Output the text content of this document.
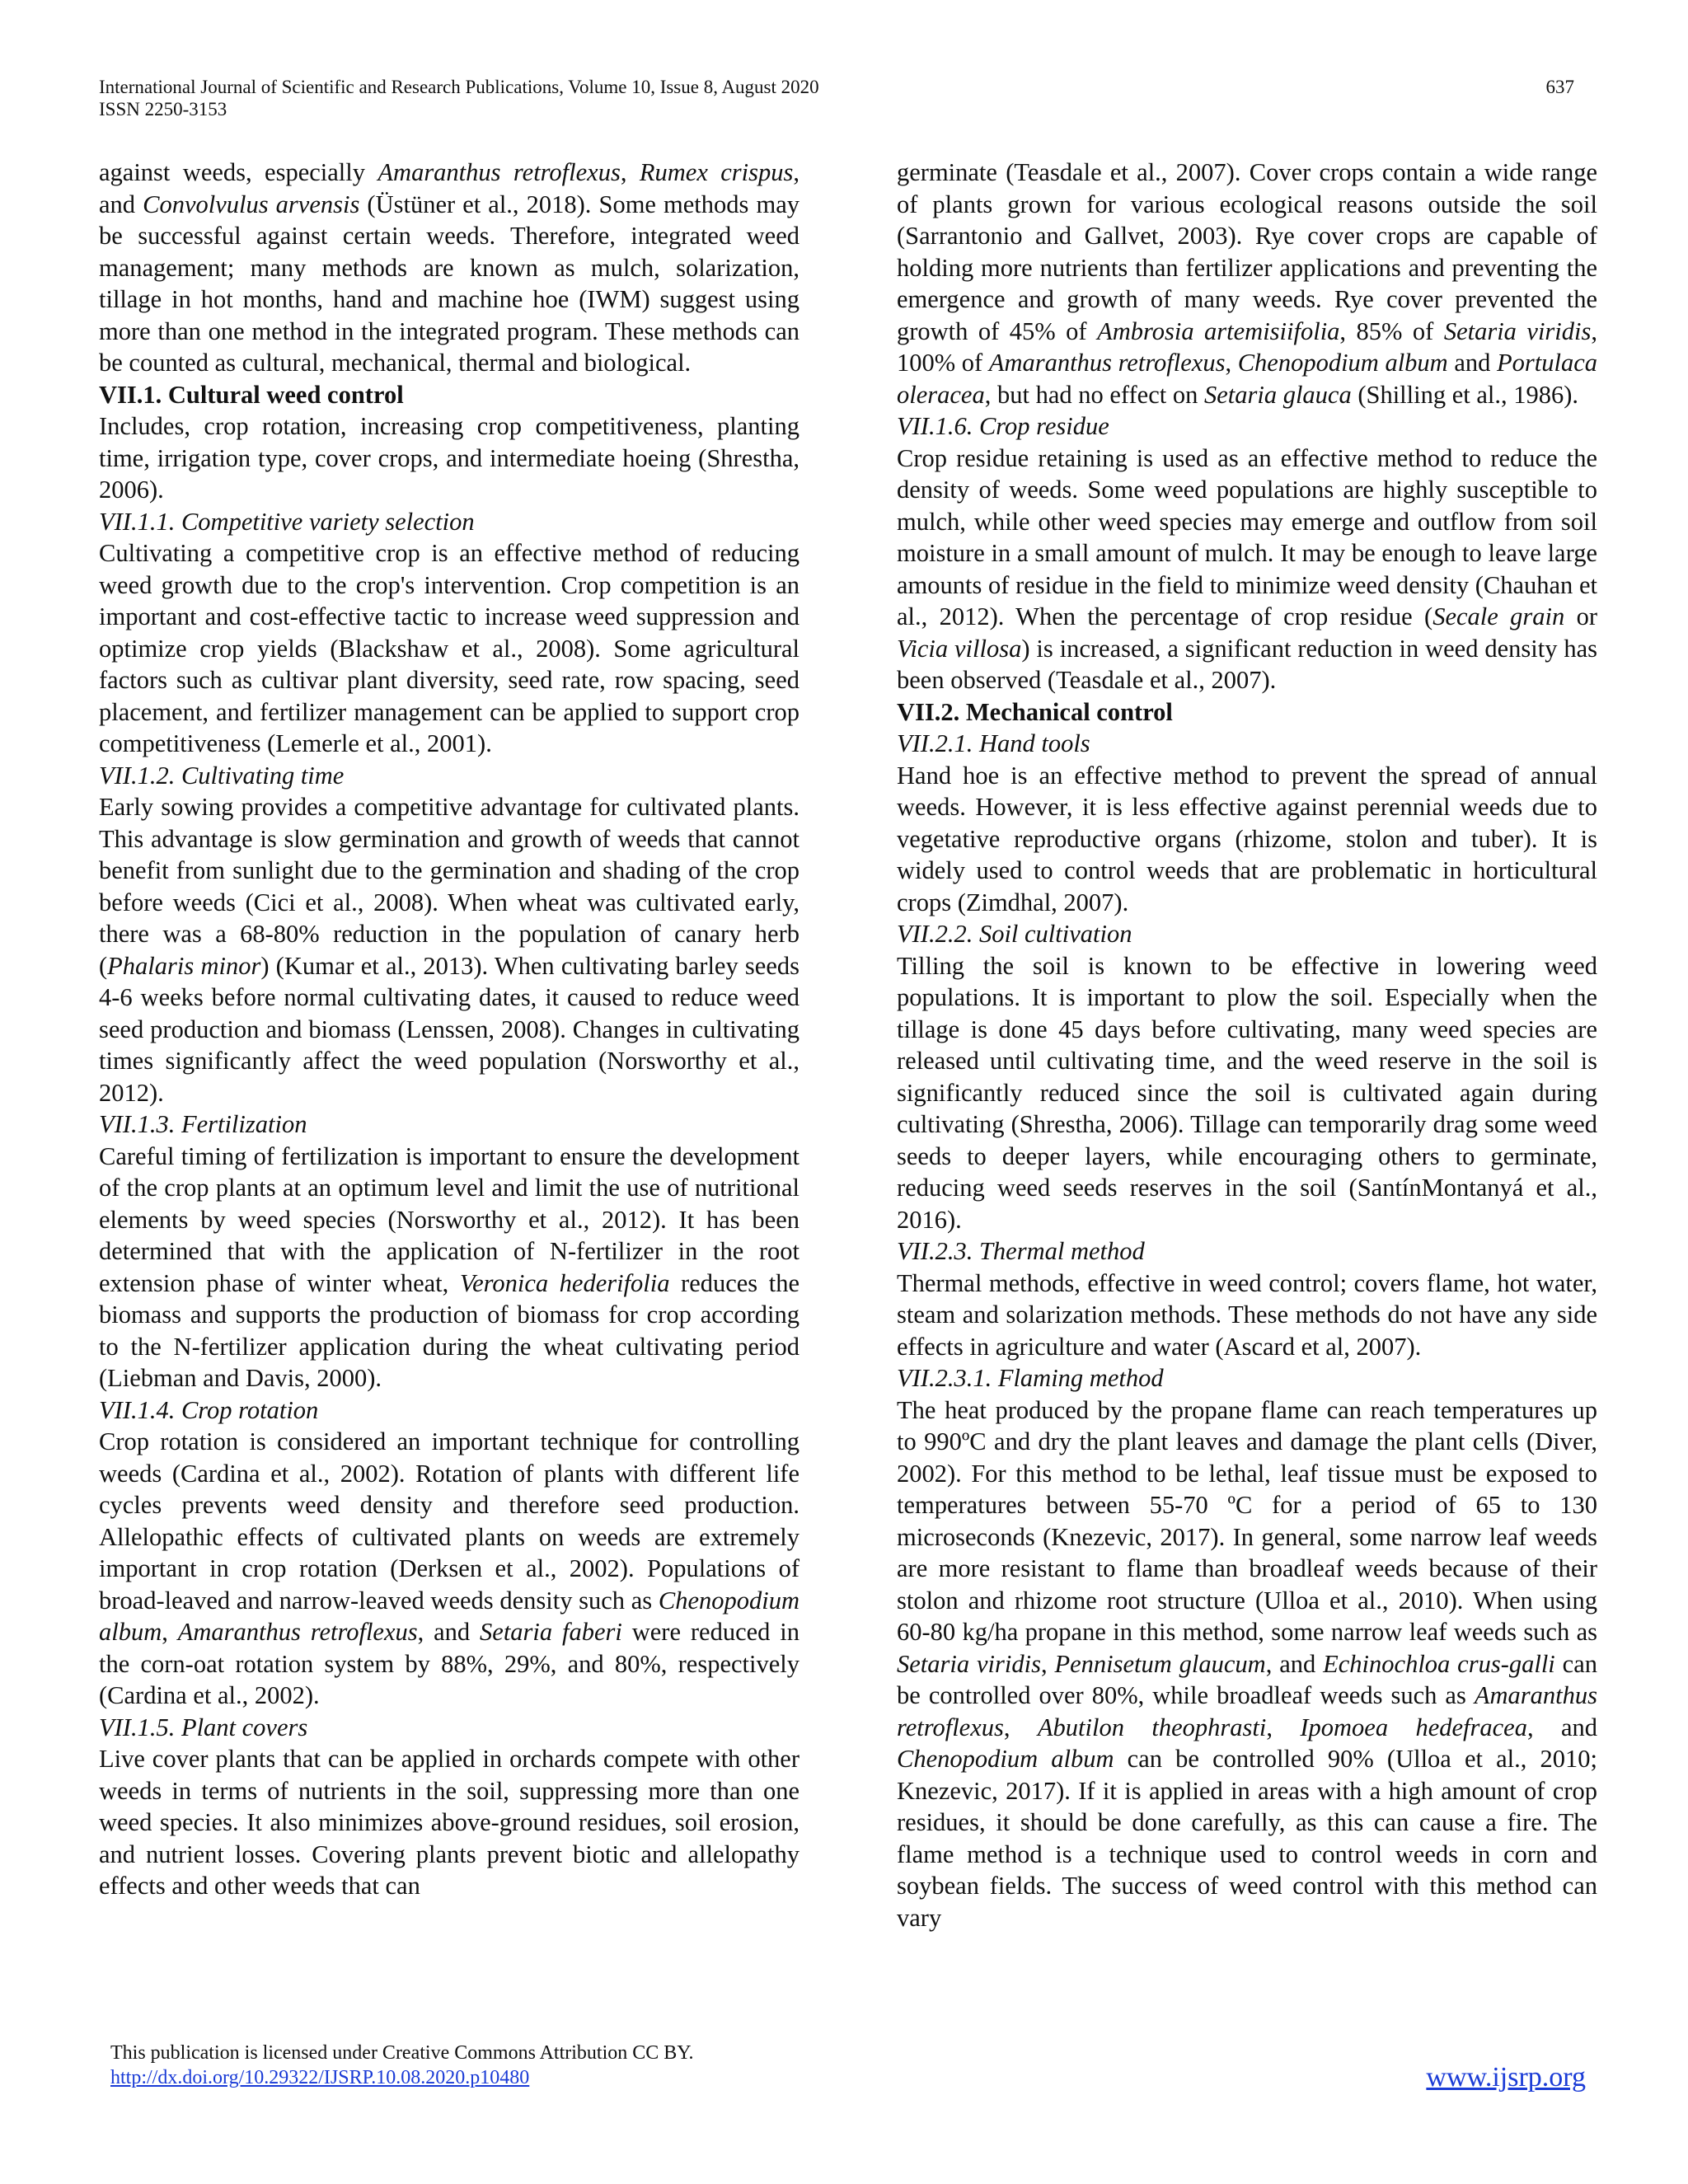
International Journal of Scientific and Research Publications, Volume 10, Issue 8, August 2020
ISSN 2250-3153
637

against weeds, especially Amaranthus retroflexus, Rumex crispus, and Convolvulus arvensis (Üstüner et al., 2018). Some methods may be successful against certain weeds. Therefore, integrated weed management; many methods are known as mulch, solarization, tillage in hot months, hand and machine hoe (IWM) suggest using more than one method in the integrated program. These methods can be counted as cultural, mechanical, thermal and biological.

VII.1. Cultural weed control

Includes, crop rotation, increasing crop competitiveness, planting time, irrigation type, cover crops, and intermediate hoeing (Shrestha, 2006).

VII.1.1. Competitive variety selection

Cultivating a competitive crop is an effective method of reducing weed growth due to the crop's intervention. Crop competition is an important and cost-effective tactic to increase weed suppression and optimize crop yields (Blackshaw et al., 2008). Some agricultural factors such as cultivar plant diversity, seed rate, row spacing, seed placement, and fertilizer management can be applied to support crop competitiveness (Lemerle et al., 2001).

VII.1.2. Cultivating time

Early sowing provides a competitive advantage for cultivated plants. This advantage is slow germination and growth of weeds that cannot benefit from sunlight due to the germination and shading of the crop before weeds (Cici et al., 2008). When wheat was cultivated early, there was a 68-80% reduction in the population of canary herb (Phalaris minor) (Kumar et al., 2013). When cultivating barley seeds 4-6 weeks before normal cultivating dates, it caused to reduce weed seed production and biomass (Lenssen, 2008). Changes in cultivating times significantly affect the weed population (Norsworthy et al., 2012).

VII.1.3. Fertilization

Careful timing of fertilization is important to ensure the development of the crop plants at an optimum level and limit the use of nutritional elements by weed species (Norsworthy et al., 2012). It has been determined that with the application of N-fertilizer in the root extension phase of winter wheat, Veronica hederifolia reduces the biomass and supports the production of biomass for crop according to the N-fertilizer application during the wheat cultivating period (Liebman and Davis, 2000).

VII.1.4. Crop rotation

Crop rotation is considered an important technique for controlling weeds (Cardina et al., 2002). Rotation of plants with different life cycles prevents weed density and therefore seed production. Allelopathic effects of cultivated plants on weeds are extremely important in crop rotation (Derksen et al., 2002). Populations of broad-leaved and narrow-leaved weeds density such as Chenopodium album, Amaranthus retroflexus, and Setaria faberi were reduced in the corn-oat rotation system by 88%, 29%, and 80%, respectively (Cardina et al., 2002).

VII.1.5. Plant covers

Live cover plants that can be applied in orchards compete with other weeds in terms of nutrients in the soil, suppressing more than one weed species. It also minimizes above-ground residues, soil erosion, and nutrient losses. Covering plants prevent biotic and allelopathy effects and other weeds that can

germinate (Teasdale et al., 2007). Cover crops contain a wide range of plants grown for various ecological reasons outside the soil (Sarrantonio and Gallvet, 2003). Rye cover crops are capable of holding more nutrients than fertilizer applications and preventing the emergence and growth of many weeds. Rye cover prevented the growth of 45% of Ambrosia artemisiifolia, 85% of Setaria viridis, 100% of Amaranthus retroflexus, Chenopodium album and Portulaca oleracea, but had no effect on Setaria glauca (Shilling et al., 1986).

VII.1.6. Crop residue

Crop residue retaining is used as an effective method to reduce the density of weeds. Some weed populations are highly susceptible to mulch, while other weed species may emerge and outflow from soil moisture in a small amount of mulch. It may be enough to leave large amounts of residue in the field to minimize weed density (Chauhan et al., 2012). When the percentage of crop residue (Secale grain or Vicia villosa) is increased, a significant reduction in weed density has been observed (Teasdale et al., 2007).

VII.2. Mechanical control
VII.2.1. Hand tools

Hand hoe is an effective method to prevent the spread of annual weeds. However, it is less effective against perennial weeds due to vegetative reproductive organs (rhizome, stolon and tuber). It is widely used to control weeds that are problematic in horticultural crops (Zimdhal, 2007).

VII.2.2. Soil cultivation

Tilling the soil is known to be effective in lowering weed populations. It is important to plow the soil. Especially when the tillage is done 45 days before cultivating, many weed species are released until cultivating time, and the weed reserve in the soil is significantly reduced since the soil is cultivated again during cultivating (Shrestha, 2006). Tillage can temporarily drag some weed seeds to deeper layers, while encouraging others to germinate, reducing weed seeds reserves in the soil (SantínMontanyá et al., 2016).

VII.2.3. Thermal method

Thermal methods, effective in weed control; covers flame, hot water, steam and solarization methods. These methods do not have any side effects in agriculture and water (Ascard et al, 2007).

VII.2.3.1. Flaming method

The heat produced by the propane flame can reach temperatures up to 990ºC and dry the plant leaves and damage the plant cells (Diver, 2002). For this method to be lethal, leaf tissue must be exposed to temperatures between 55-70 ºC for a period of 65 to 130 microseconds (Knezevic, 2017). In general, some narrow leaf weeds are more resistant to flame than broadleaf weeds because of their stolon and rhizome root structure (Ulloa et al., 2010). When using 60-80 kg/ha propane in this method, some narrow leaf weeds such as Setaria viridis, Pennisetum glaucum, and Echinochloa crus-galli can be controlled over 80%, while broadleaf weeds such as Amaranthus retroflexus, Abutilon theophrasti, Ipomoea hedefracea, and Chenopodium album can be controlled 90% (Ulloa et al., 2010; Knezevic, 2017). If it is applied in areas with a high amount of crop residues, it should be done carefully, as this can cause a fire. The flame method is a technique used to control weeds in corn and soybean fields. The success of weed control with this method can vary

This publication is licensed under Creative Commons Attribution CC BY.
http://dx.doi.org/10.29322/IJSRP.10.08.2020.p10480	www.ijsrp.org
